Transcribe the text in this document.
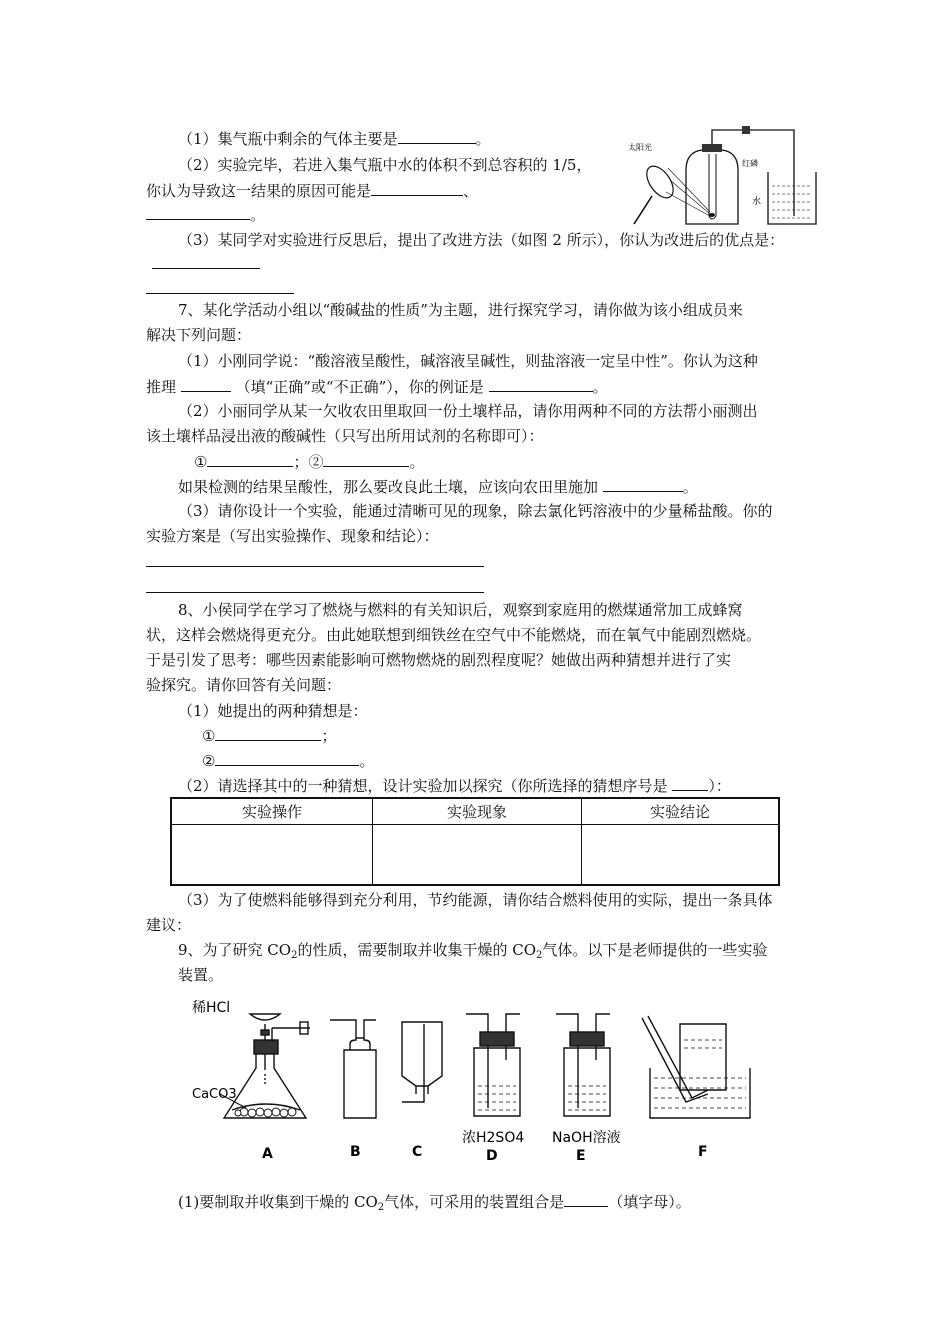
（1）集气瓶中剩余的气体主要是	。
（2）实验完毕，若进入集气瓶中水的体积不到总容积的 1/5，
你认为导致这一结果的原因可能是	、
。
（3）某同学对实验进行反思后，提出了改进方法（如图 2 所示），你认为改进后的优点是：
太阳光
红磷
水
7、某化学活动小组以“酸碱盐的性质”为主题，进行探究学习，请你做为该小组成员来
解决下列问题：
（1）小刚同学说：“酸溶液呈酸性，碱溶液呈碱性，则盐溶液一定呈中性”。你认为这种
推理	（填“正确”或“不正确”），你的例证是	。
（2）小丽同学从某一欠收农田里取回一份土壤样品，请你用两种不同的方法帮小丽测出
该土壤样品浸出液的酸碱性（只写出所用试剂的名称即可）：
①	；②	。
如果检测的结果呈酸性，那么要改良此土壤，应该向农田里施加	。
（3）请你设计一个实验，能通过清晰可见的现象，除去氯化钙溶液中的少量稀盐酸。你的
实验方案是（写出实验操作、现象和结论）：
8、小侯同学在学习了燃烧与燃料的有关知识后，观察到家庭用的燃煤通常加工成蜂窝
状，这样会燃烧得更充分。由此她联想到细铁丝在空气中不能燃烧，而在氧气中能剧烈燃烧。
于是引发了思考：哪些因素能影响可燃物燃烧的剧烈程度呢？她做出两种猜想并进行了实
验探究。请你回答有关问题：
（1）她提出的两种猜想是：
①	；
②	。
（2）请选择其中的一种猜想，设计实验加以探究（你所选择的猜想序号是	）：
实验操作	实验现象	实验结论

（3）为了使燃料能够得到充分利用，节约能源，请你结合燃料使用的实际，提出一条具体
建议：
9、为了研究 $CO_2$的性质，需要制取并收集干燥的 $CO_2$气体。以下是老师提供的一些实验
装置。
稀HCl
CaCO3
浓H2SO4 NaOH溶液
A	B	C	D	E	F
(1)要制取并收集到干燥的 $CO_2$气体，可采用的装置组合是	（填字母）。
